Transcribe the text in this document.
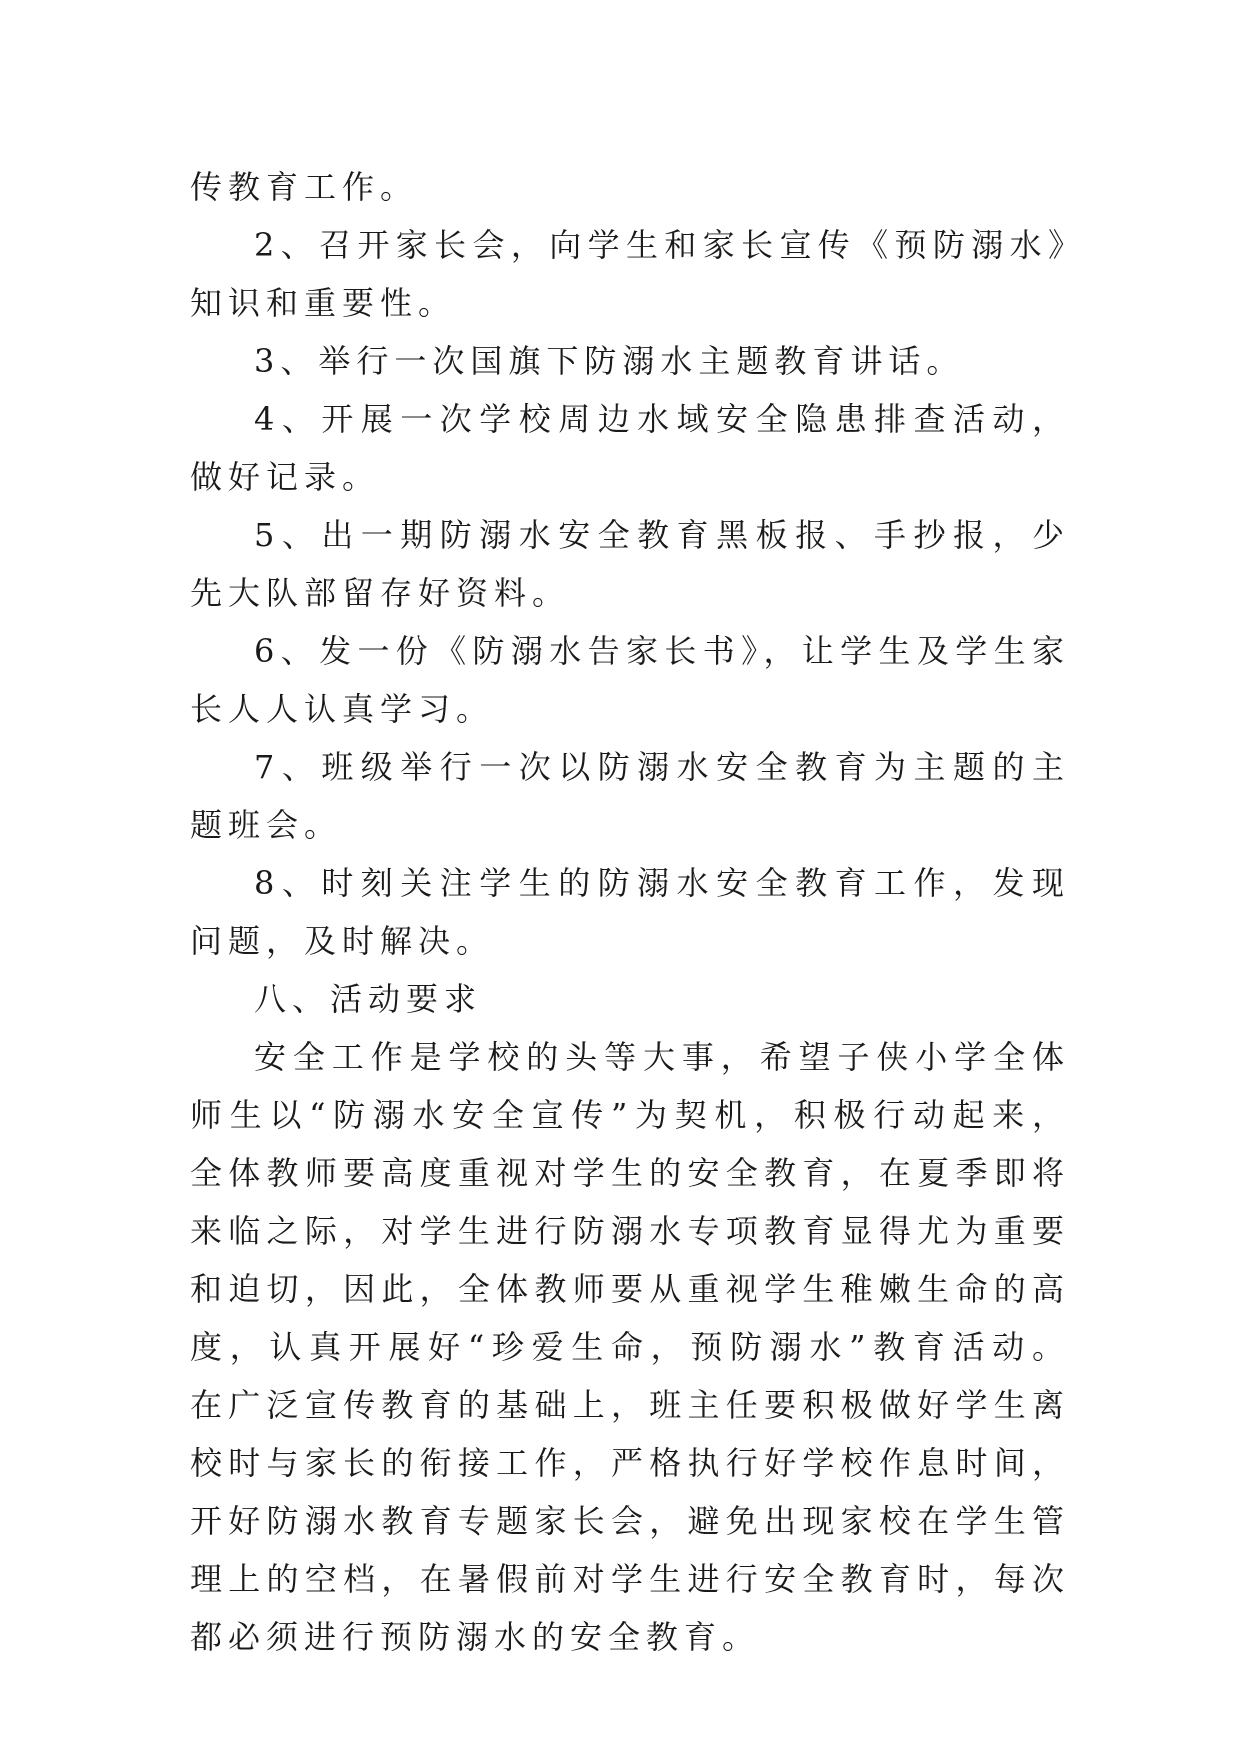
传教育工作。

2、召开家长会，向学生和家长宣传《预防溺水》知识和重要性。

3、举行一次国旗下防溺水主题教育讲话。

4、开展一次学校周边水域安全隐患排查活动，做好记录。

5、出一期防溺水安全教育黑板报、手抄报，少先大队部留存好资料。

6、发一份《防溺水告家长书》，让学生及学生家长人人认真学习。

7、班级举行一次以防溺水安全教育为主题的主题班会。

8、时刻关注学生的防溺水安全教育工作，发现问题，及时解决。

八、活动要求

安全工作是学校的头等大事，希望子侠小学全体师生以“防溺水安全宣传”为契机，积极行动起来，全体教师要高度重视对学生的安全教育，在夏季即将来临之际，对学生进行防溺水专项教育显得尤为重要和迫切，因此，全体教师要从重视学生稚嫩生命的高度，认真开展好“珍爱生命，预防溺水”教育活动。在广泛宣传教育的基础上，班主任要积极做好学生离校时与家长的衔接工作，严格执行好学校作息时间，开好防溺水教育专题家长会，避免出现家校在学生管理上的空档，在暑假前对学生进行安全教育时，每次都必须进行预防溺水的安全教育。
